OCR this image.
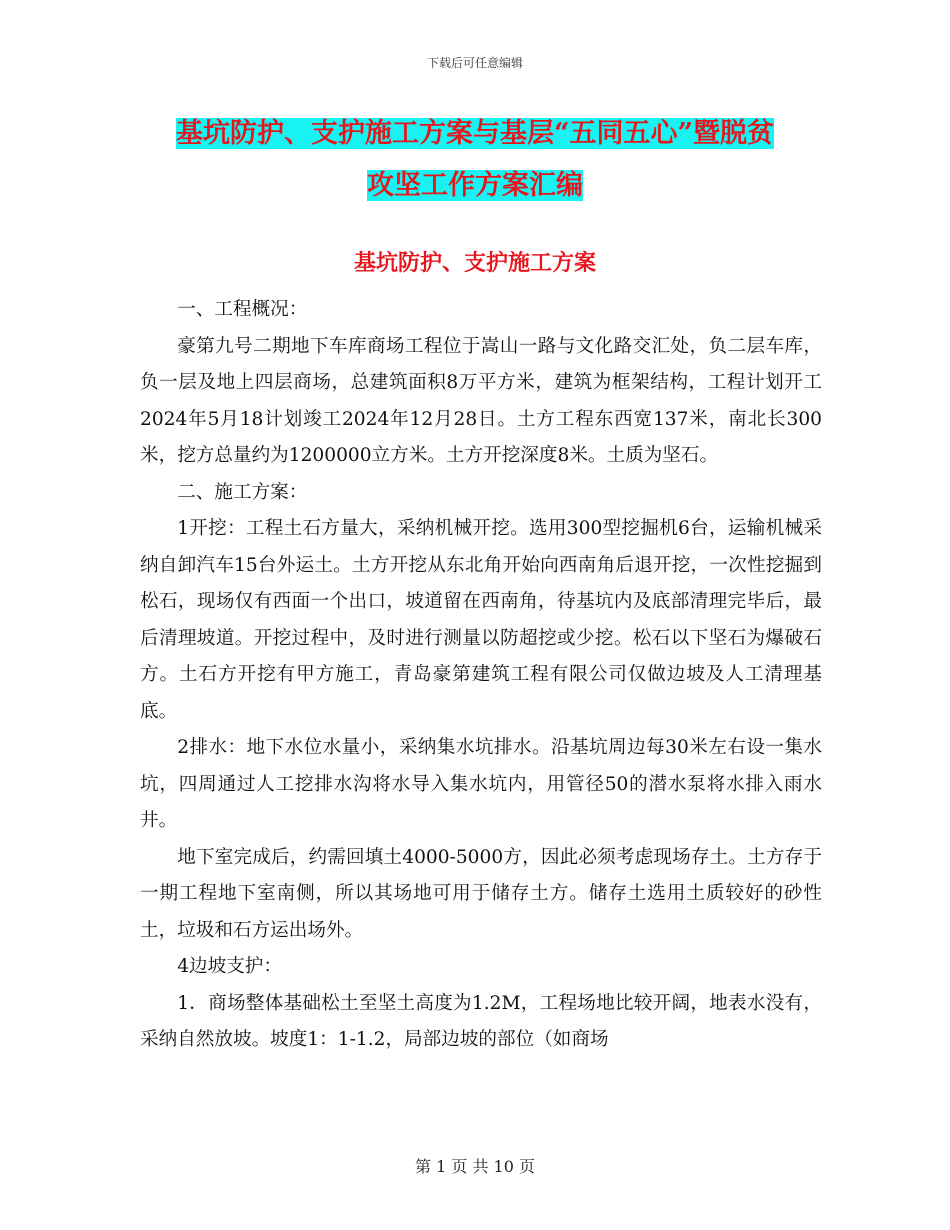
下载后可任意编辑
基坑防护、支护施工方案与基层“五同五心”暨脱贫
攻坚工作方案汇编
基坑防护、支护施工方案

一、工程概况：

豪第九号二期地下车库商场工程位于嵩山一路与文化路交汇处，负二层车库，负一层及地上四层商场，总建筑面积8万平方米，建筑为框架结构，工程计划开工2024年5月18计划竣工2024年12月28日。土方工程东西宽137米，南北长300米，挖方总量约为1200000立方米。土方开挖深度8米。土质为坚石。

二、施工方案：

1开挖：工程土石方量大，采纳机械开挖。选用300型挖掘机6台，运输机械采纳自卸汽车15台外运土。土方开挖从东北角开始向西南角后退开挖，一次性挖掘到松石，现场仅有西面一个出口，坡道留在西南角，待基坑内及底部清理完毕后，最后清理坡道。开挖过程中，及时进行测量以防超挖或少挖。松石以下坚石为爆破石方。土石方开挖有甲方施工，青岛豪第建筑工程有限公司仅做边坡及人工清理基底。

2排水：地下水位水量小，采纳集水坑排水。沿基坑周边每30米左右设一集水坑，四周通过人工挖排水沟将水导入集水坑内，用管径50的潜水泵将水排入雨水井。

地下室完成后，约需回填土4000-5000方，因此必须考虑现场存土。土方存于一期工程地下室南侧，所以其场地可用于储存土方。储存土选用土质较好的砂性土，垃圾和石方运出场外。

4边坡支护：

1．商场整体基础松土至坚土高度为1.2M，工程场地比较开阔，地表水没有，采纳自然放坡。坡度1：1-1.2，局部边坡的部位（如商场

第 1 页 共 10 页
